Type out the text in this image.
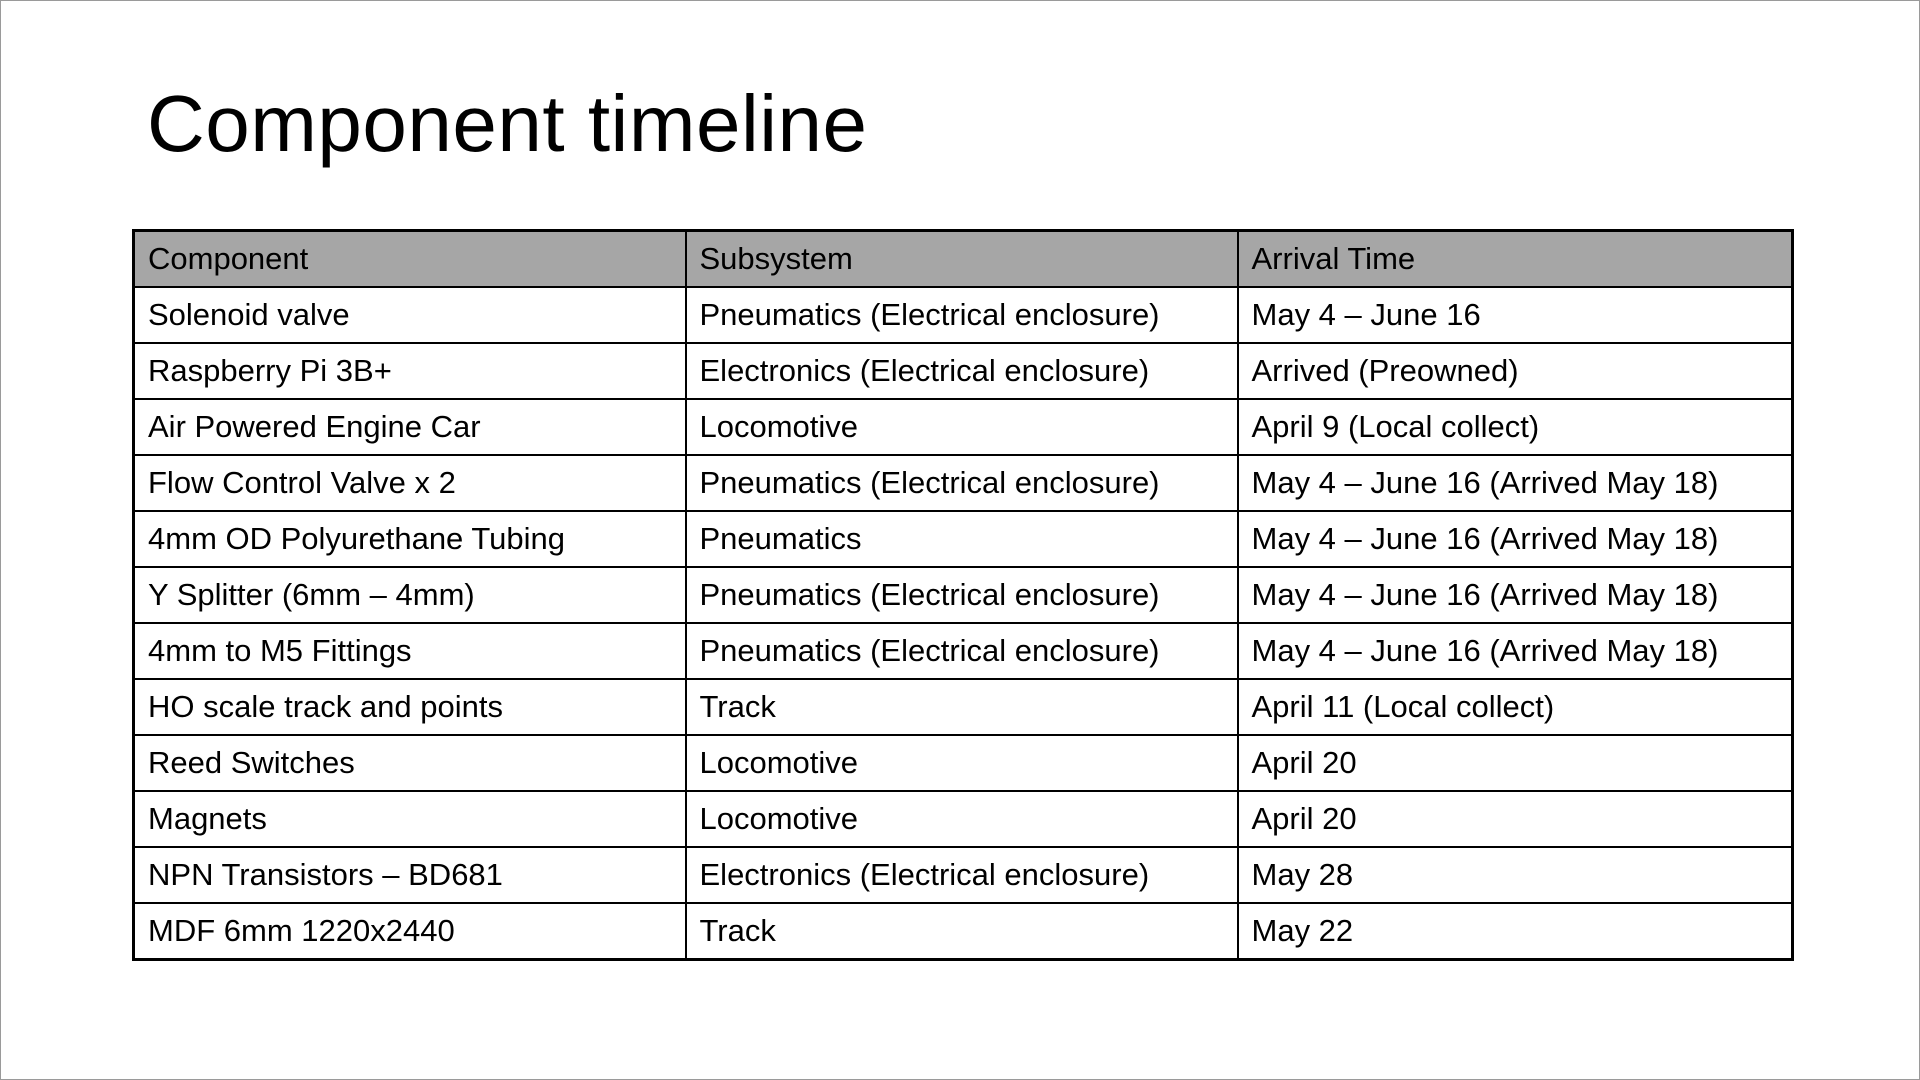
Component timeline
Component	Subsystem	Arrival Time
Solenoid valve	Pneumatics (Electrical enclosure)	May 4 – June 16
Raspberry Pi 3B+	Electronics (Electrical enclosure)	Arrived (Preowned)
Air Powered Engine Car	Locomotive	April 9 (Local collect)
Flow Control Valve x 2	Pneumatics (Electrical enclosure)	May 4 – June 16 (Arrived May 18)
4mm OD Polyurethane Tubing	Pneumatics	May 4 – June 16 (Arrived May 18)
Y Splitter (6mm – 4mm)	Pneumatics (Electrical enclosure)	May 4 – June 16 (Arrived May 18)
4mm to M5 Fittings	Pneumatics (Electrical enclosure)	May 4 – June 16 (Arrived May 18)
HO scale track and points	Track	April 11 (Local collect)
Reed Switches	Locomotive	April 20
Magnets	Locomotive	April 20
NPN Transistors – BD681	Electronics (Electrical enclosure)	May 28
MDF 6mm 1220x2440	Track	May 22
